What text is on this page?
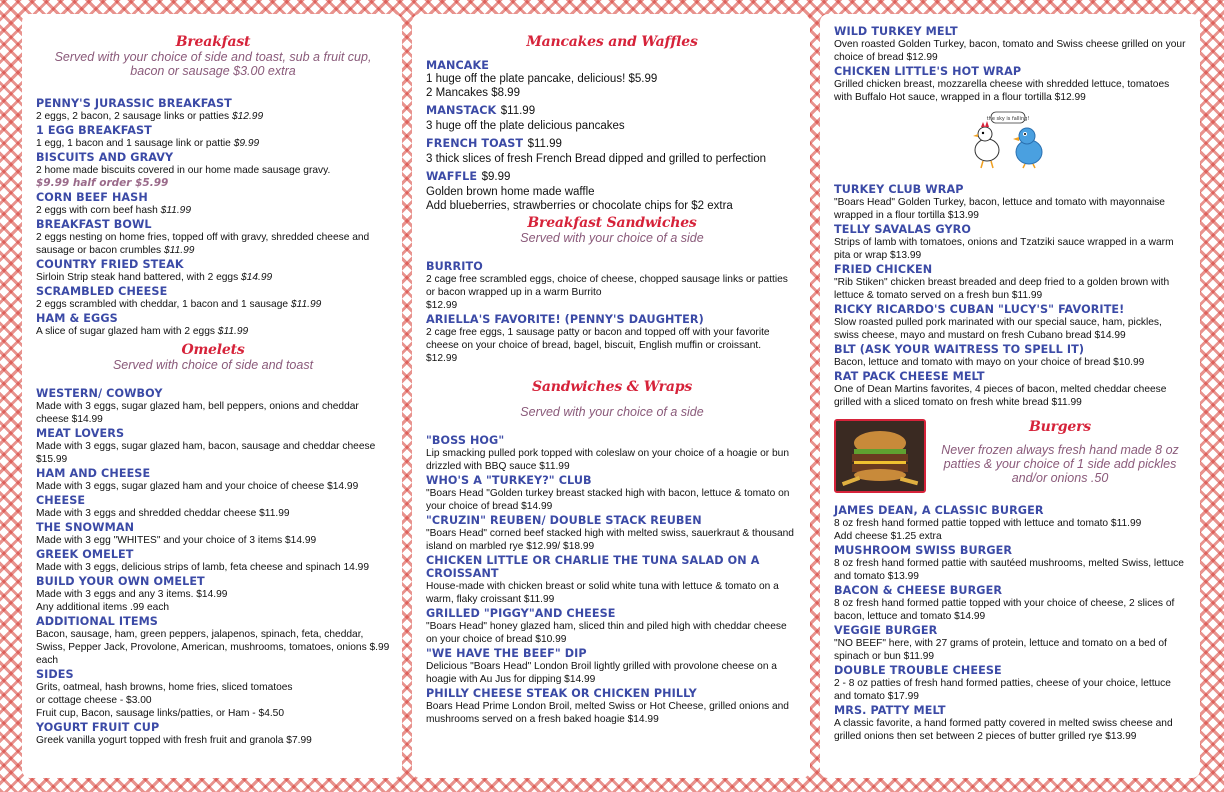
Breakfast
Served with your choice of side and toast, sub a fruit cup, bacon or sausage $3.00 extra
PENNY'S JURASSIC BREAKFAST
2 eggs, 2 bacon, 2 sausage links or patties $12.99
1 EGG BREAKFAST
1 egg, 1 bacon and 1 sausage link or pattie $9.99
BISCUITS AND GRAVY
2 home made biscuits covered in our home made sausage gravy.
$9.99 half order $5.99
CORN BEEF HASH
2 eggs with corn beef hash $11.99
BREAKFAST BOWL
2 eggs nesting on home fries, topped off with gravy, shredded cheese and sausage or bacon crumbles $11.99
COUNTRY FRIED STEAK
Sirloin Strip steak hand battered, with 2 eggs $14.99
SCRAMBLED CHEESE
2 eggs scrambled with cheddar, 1 bacon and 1 sausage $11.99
HAM & EGGS
A slice of sugar glazed ham with 2 eggs $11.99
Omelets
Served with choice of side and toast
WESTERN/ COWBOY
Made with 3 eggs, sugar glazed ham, bell peppers, onions and cheddar cheese $14.99
MEAT LOVERS
Made with 3 eggs, sugar glazed ham, bacon, sausage and cheddar cheese $15.99
HAM AND CHEESE
Made with 3 eggs, sugar glazed ham and your choice of cheese $14.99
CHEESE
Made with 3 eggs and shredded cheddar cheese $11.99
THE SNOWMAN
Made with 3 egg "WHITES" and your choice of 3 items $14.99
GREEK OMELET
Made with 3 eggs, delicious strips of lamb, feta cheese and spinach 14.99
BUILD YOUR OWN OMELET
Made with 3 eggs and any 3 items. $14.99
Any additional items .99 each
ADDITIONAL ITEMS
Bacon, sausage, ham, green peppers, jalapenos, spinach, feta, cheddar, Swiss, Pepper Jack, Provolone, American, mushrooms, tomatoes, onions $.99 each
SIDES
Grits, oatmeal, hash browns, home fries, sliced tomatoes
or cottage cheese - $3.00
Fruit cup, Bacon, sausage links/patties, or Ham - $4.50
YOGURT FRUIT CUP
Greek vanilla yogurt topped with fresh fruit and granola $7.99
Mancakes and Waffles
MANCAKE
1 huge off the plate pancake, delicious! $5.99
2 Mancakes $8.99
MANSTACK $11.99
3 huge off the plate delicious pancakes
FRENCH TOAST $11.99
3 thick slices of fresh French Bread dipped and grilled to perfection
WAFFLE $9.99
Golden brown home made waffle
Add blueberries, strawberries or chocolate chips for $2 extra
Breakfast Sandwiches
Served with your choice of a side
BURRITO
2 cage free scrambled eggs, choice of cheese, chopped sausage links or patties or bacon wrapped up in a warm Burrito
$12.99
ARIELLA'S FAVORITE! (PENNY'S DAUGHTER)
2 cage free eggs, 1 sausage patty or bacon and topped off with your favorite cheese on your choice of bread, bagel, biscuit, English muffin or croissant.
$12.99
Sandwiches & Wraps
Served with your choice of a side
"BOSS HOG"
Lip smacking pulled pork topped with coleslaw on your choice of a hoagie or bun drizzled with BBQ sauce $11.99
WHO'S A "TURKEY?" CLUB
"Boars Head "Golden turkey breast stacked high with bacon, lettuce & tomato on your choice of bread $14.99
"CRUZIN" REUBEN/ DOUBLE STACK REUBEN
"Boars Head" corned beef stacked high with melted swiss, sauerkraut & thousand island on marbled rye $12.99/ $18.99
CHICKEN LITTLE OR CHARLIE THE TUNA SALAD ON A CROISSANT
House-made with chicken breast or solid white tuna with lettuce & tomato on a warm, flaky croissant $11.99
GRILLED "PIGGY"AND CHEESE
"Boars Head" honey glazed ham, sliced thin and piled high with cheddar cheese on your choice of bread $10.99
"WE HAVE THE BEEF" DIP
Delicious "Boars Head" London Broil lightly grilled with provolone cheese on a hoagie with Au Jus for dipping $14.99
PHILLY CHEESE STEAK OR CHICKEN PHILLY
Boars Head Prime London Broil, melted Swiss or Hot Cheese, grilled onions and mushrooms served on a fresh baked hoagie $14.99
WILD TURKEY MELT
Oven roasted Golden Turkey, bacon, tomato and Swiss cheese grilled on your choice of bread $12.99
CHICKEN LITTLE'S HOT WRAP
Grilled chicken breast, mozzarella cheese with shredded lettuce, tomatoes with Buffalo Hot sauce, wrapped in a flour tortilla $12.99
the sky is falling!
TURKEY CLUB WRAP
"Boars Head" Golden Turkey, bacon, lettuce and tomato with mayonnaise wrapped in a flour tortilla $13.99
TELLY SAVALAS GYRO
Strips of lamb with tomatoes, onions and Tzatziki sauce wrapped in a warm pita or wrap $13.99
FRIED CHICKEN
"Rib Stiken" chicken breast breaded and deep fried to a golden brown with lettuce & tomato served on a fresh bun $11.99
RICKY RICARDO'S CUBAN "LUCY'S" FAVORITE!
Slow roasted pulled pork marinated with our special sauce, ham, pickles, swiss cheese, mayo and mustard on fresh Cubano bread $14.99
BLT (ASK YOUR WAITRESS TO SPELL IT)
Bacon, lettuce and tomato with mayo on your choice of bread $10.99
RAT PACK CHEESE MELT
One of Dean Martins favorites, 4 pieces of bacon, melted cheddar cheese grilled with a sliced tomato on fresh white bread $11.99
Burgers
Never frozen always fresh hand made 8 oz patties & your choice of 1 side add pickles and/or onions .50
JAMES DEAN, A CLASSIC BURGER
8 oz fresh hand formed pattie topped with lettuce and tomato $11.99
Add cheese $1.25 extra
MUSHROOM SWISS BURGER
8 oz fresh hand formed pattie with sautéed mushrooms, melted Swiss, lettuce and tomato $13.99
BACON & CHEESE BURGER
8 oz fresh hand formed pattie topped with your choice of cheese, 2 slices of bacon, lettuce and tomato $14.99
VEGGIE BURGER
"NO BEEF" here, with 27 grams of protein, lettuce and tomato on a bed of spinach or bun $11.99
DOUBLE TROUBLE CHEESE
2 - 8 oz patties of fresh hand formed patties, cheese of your choice, lettuce and tomato $17.99
MRS. PATTY MELT
A classic favorite, a hand formed patty covered in melted swiss cheese and grilled onions then set between 2 pieces of butter grilled rye $13.99
